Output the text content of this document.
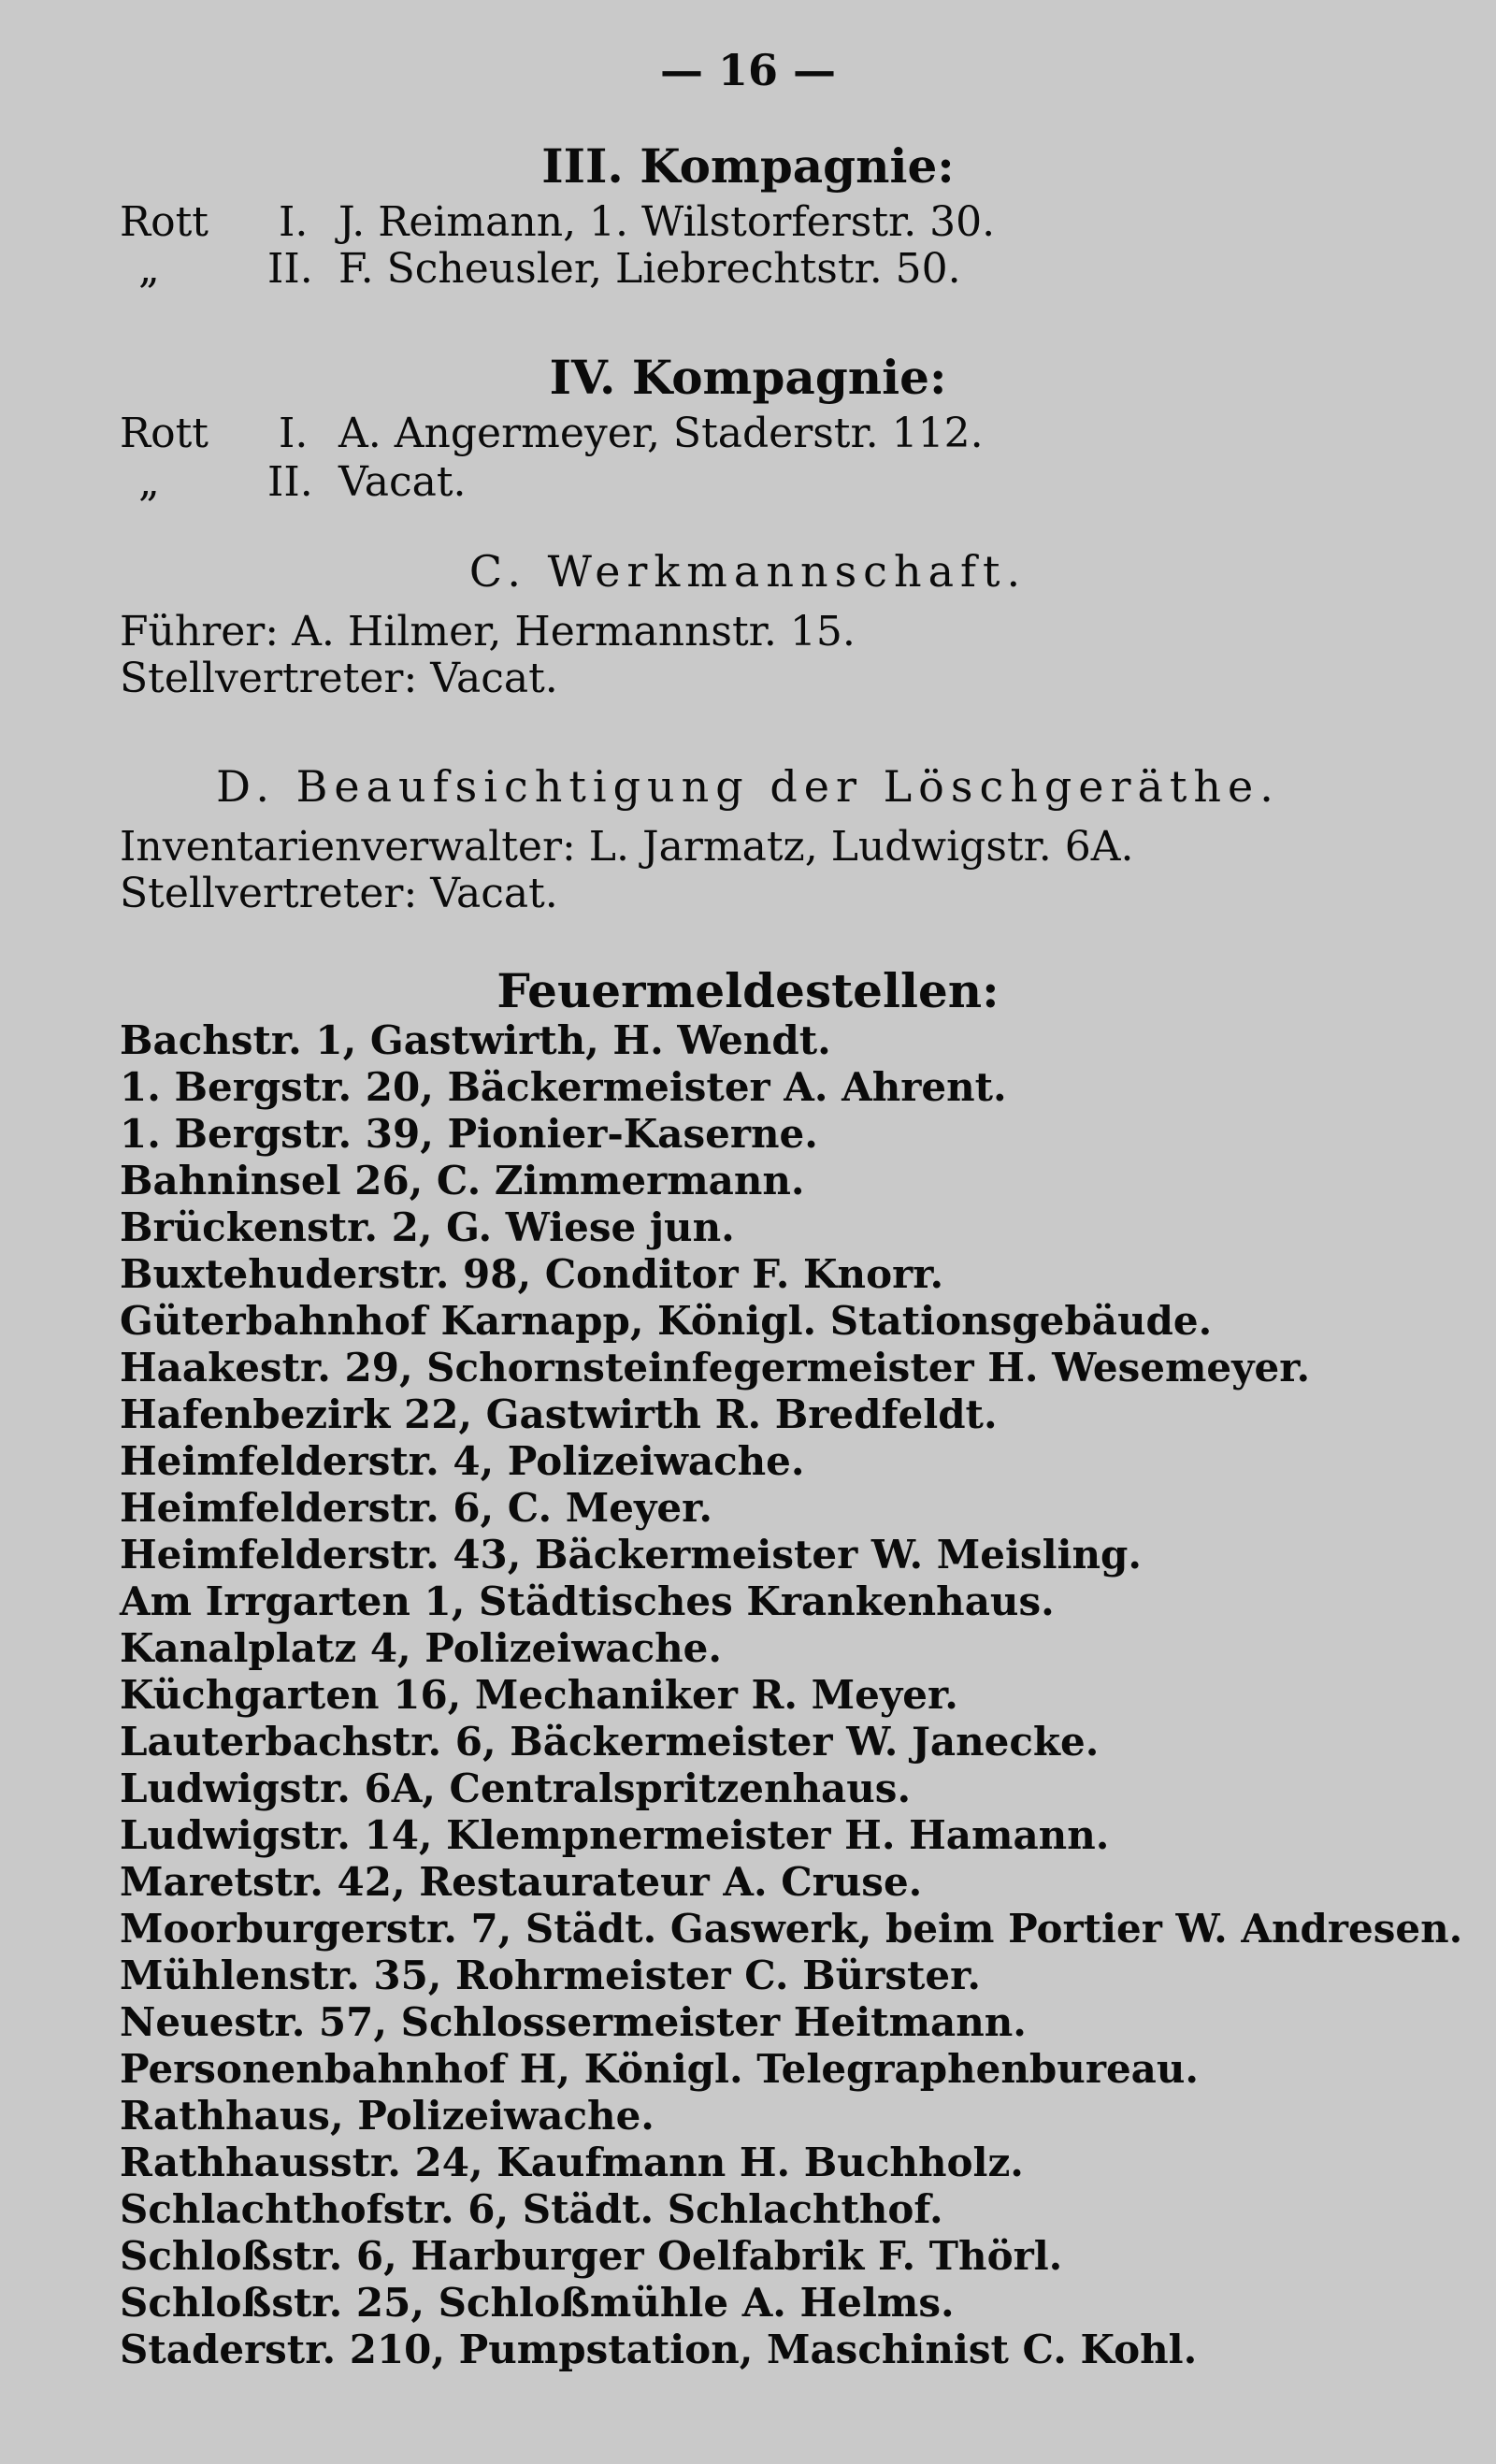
— 16 —
III. Kompagnie:
Rott I. J. Reimann, 1. Wilstorferstr. 30.
„	II. F. Scheusler, Liebrechtstr. 50.
IV. Kompagnie:
Rott I. A. Angermeyer, Staderstr. 112.
„	II. Vacat.
C. Werkmannschaft.
Führer: A. Hilmer, Hermannstr. 15.
Stellvertreter: Vacat.
D. Beaufsichtigung der Löschgeräthe.
Inventarienverwalter: L. Jarmatz, Ludwigstr. 6A.
Stellvertreter: Vacat.
Feuermeldestellen:
Bachstr. 1, Gastwirth, H. Wendt.
1. Bergstr. 20, Bäckermeister A. Ahrent.
1. Bergstr. 39, Pionier-Kaserne.
Bahninsel 26, C. Zimmermann.
Brückenstr. 2, G. Wiese jun.
Buxtehuderstr. 98, Conditor F. Knorr.
Güterbahnhof Karnapp, Königl. Stationsgebäude.
Haakestr. 29, Schornsteinfegermeister H. Wesemeyer.
Hafenbezirk 22, Gastwirth R. Bredfeldt.
Heimfelderstr. 4, Polizeiwache.
Heimfelderstr. 6, C. Meyer.
Heimfelderstr. 43, Bäckermeister W. Meisling.
Am Irrgarten 1, Städtisches Krankenhaus.
Kanalplatz 4, Polizeiwache.
Küchgarten 16, Mechaniker R. Meyer.
Lauterbachstr. 6, Bäckermeister W. Janecke.
Ludwigstr. 6A, Centralspritzenhaus.
Ludwigstr. 14, Klempnermeister H. Hamann.
Maretstr. 42, Restaurateur A. Cruse.
Moorburgerstr. 7, Städt. Gaswerk, beim Portier W. Andresen.
Mühlenstr. 35, Rohrmeister C. Bürster.
Neuestr. 57, Schlossermeister Heitmann.
Personenbahnhof H, Königl. Telegraphenbureau.
Rathhaus, Polizeiwache.
Rathhausstr. 24, Kaufmann H. Buchholz.
Schlachthofstr. 6, Städt. Schlachthof.
Schloßstr. 6, Harburger Oelfabrik F. Thörl.
Schloßstr. 25, Schloßmühle A. Helms.
Staderstr. 210, Pumpstation, Maschinist C. Kohl.
